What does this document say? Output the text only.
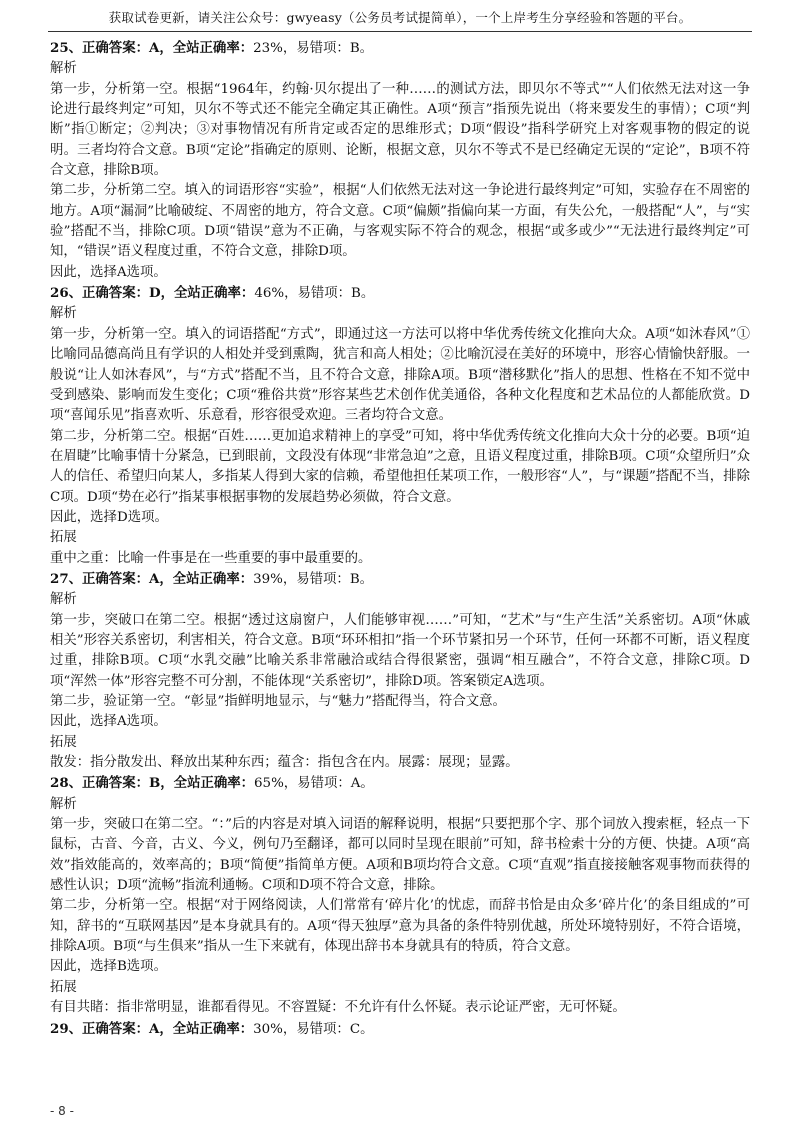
获取试卷更新，请关注公众号：gwyeasy（公务员考试提简单），一个上岸考生分享经验和答题的平台。

25、正确答案：A，全站正确率：23%，易错项：B。

解析

第一步，分析第一空。根据“1964年，约翰·贝尔提出了一种……的测试方法，即贝尔不等式”“人们依然无法对这一争论进行最终判定”可知，贝尔不等式还不能完全确定其正确性。A项“预言”指预先说出（将来要发生的事情）；C项“判断”指①断定；②判决；③对事物情况有所肯定或否定的思维形式；D项“假设”指科学研究上对客观事物的假定的说明。三者均符合文意。B项“定论”指确定的原则、论断，根据文意，贝尔不等式不是已经确定无误的“定论”，B项不符合文意，排除B项。

第二步，分析第二空。填入的词语形容“实验”，根据“人们依然无法对这一争论进行最终判定”可知，实验存在不周密的地方。A项“漏洞”比喻破绽、不周密的地方，符合文意。C项“偏颇”指偏向某一方面，有失公允，一般搭配“人”，与“实验”搭配不当，排除C项。D项“错误”意为不正确，与客观实际不符合的观念，根据“或多或少”“无法进行最终判定”可知，“错误”语义程度过重，不符合文意，排除D项。

因此，选择A选项。

26、正确答案：D，全站正确率：46%，易错项：B。

解析

第一步，分析第一空。填入的词语搭配“方式”，即通过这一方法可以将中华优秀传统文化推向大众。A项“如沐春风”①比喻同品德高尚且有学识的人相处并受到熏陶，犹言和高人相处；②比喻沉浸在美好的环境中，形容心情愉快舒服。一般说“让人如沐春风”，与“方式”搭配不当，且不符合文意，排除A项。B项“潜移默化”指人的思想、性格在不知不觉中受到感染、影响而发生变化；C项“雅俗共赏”形容某些艺术创作优美通俗，各种文化程度和艺术品位的人都能欣赏。D项“喜闻乐见”指喜欢听、乐意看，形容很受欢迎。三者均符合文意。

第二步，分析第二空。根据“百姓……更加追求精神上的享受”可知，将中华优秀传统文化推向大众十分的必要。B项“迫在眉睫”比喻事情十分紧急，已到眼前，文段没有体现“非常急迫”之意，且语义程度过重，排除B项。C项“众望所归”众人的信任、希望归向某人，多指某人得到大家的信赖，希望他担任某项工作，一般形容“人”，与“课题”搭配不当，排除C项。D项“势在必行”指某事根据事物的发展趋势必须做，符合文意。

因此，选择D选项。

拓展

重中之重：比喻一件事是在一些重要的事中最重要的。

27、正确答案：A，全站正确率：39%，易错项：B。

解析

第一步，突破口在第二空。根据“透过这扇窗户，人们能够审视……”可知，“艺术”与“生产生活”关系密切。A项“休戚相关”形容关系密切，利害相关，符合文意。B项“环环相扣”指一个环节紧扣另一个环节，任何一环都不可断，语义程度过重，排除B项。C项“水乳交融”比喻关系非常融洽或结合得很紧密，强调“相互融合”，不符合文意，排除C项。D项“浑然一体”形容完整不可分割，不能体现“关系密切”，排除D项。答案锁定A选项。

第二步，验证第一空。“彰显”指鲜明地显示，与“魅力”搭配得当，符合文意。

因此，选择A选项。

拓展

散发：指分散发出、释放出某种东西；蕴含：指包含在内。展露：展现；显露。

28、正确答案：B，全站正确率：65%，易错项：A。

解析

第一步，突破口在第二空。“：”后的内容是对填入词语的解释说明，根据“只要把那个字、那个词放入搜索框，轻点一下鼠标，古音、今音，古义、今义，例句乃至翻译，都可以同时呈现在眼前”可知，辞书检索十分的方便、快捷。A项“高效”指效能高的，效率高的；B项“简便”指简单方便。A项和B项均符合文意。C项“直观”指直接接触客观事物而获得的感性认识；D项“流畅”指流利通畅。C项和D项不符合文意，排除。

第二步，分析第一空。根据“对于网络阅读，人们常常有‘碎片化’的忧虑，而辞书恰是由众多‘碎片化’的条目组成的”可知，辞书的“互联网基因”是本身就具有的。A项“得天独厚”意为具备的条件特别优越，所处环境特别好，不符合语境，排除A项。B项“与生俱来”指从一生下来就有，体现出辞书本身就具有的特质，符合文意。

因此，选择B选项。

拓展

有目共睹：指非常明显，谁都看得见。不容置疑：不允许有什么怀疑。表示论证严密，无可怀疑。

29、正确答案：A，全站正确率：30%，易错项：C。

- 8 -
